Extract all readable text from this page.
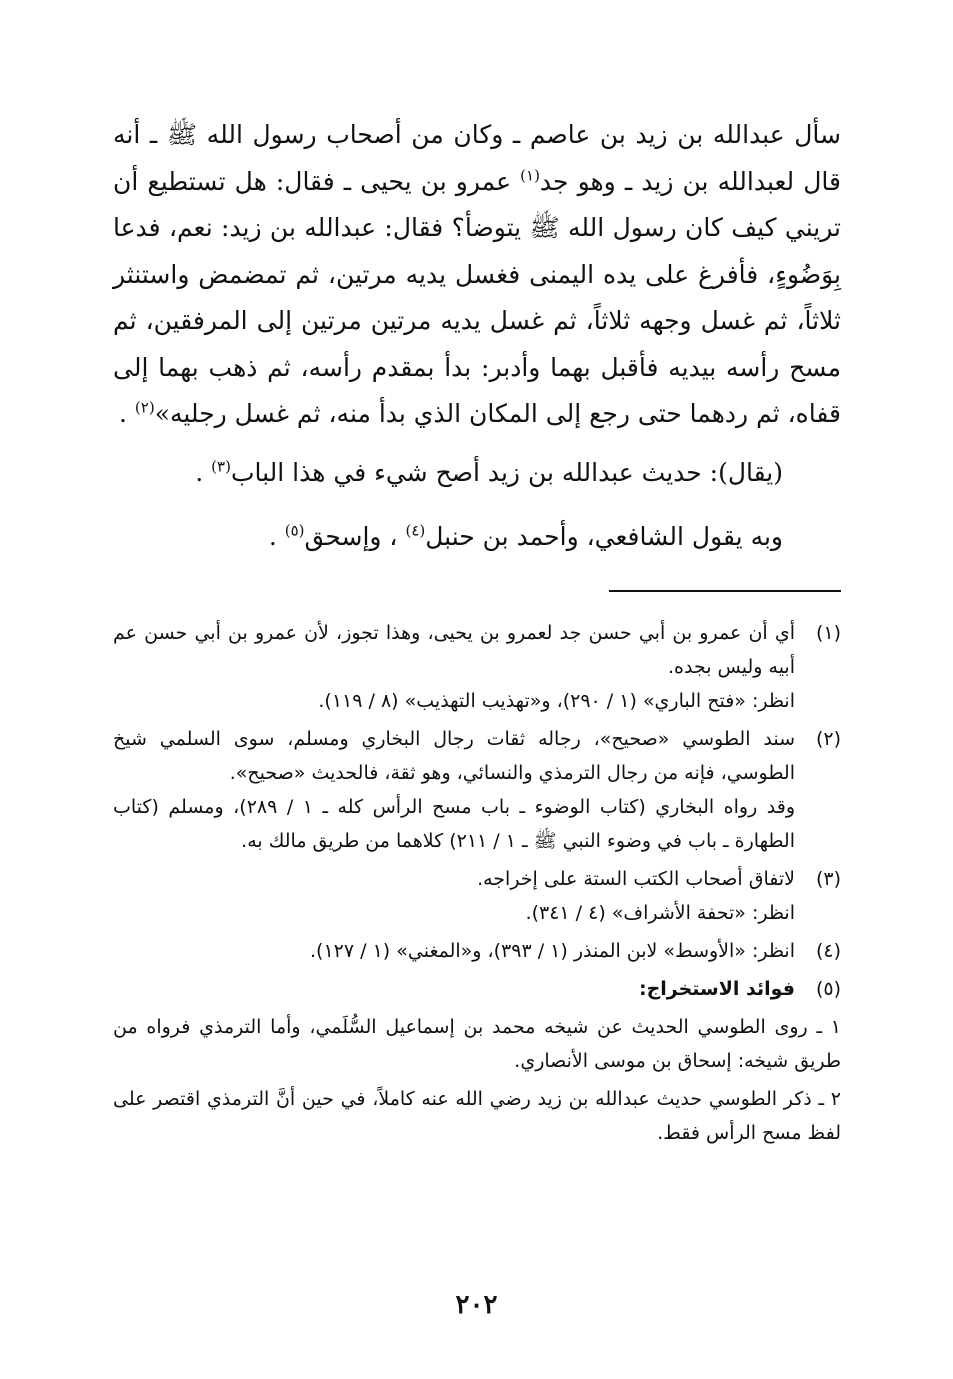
سأل عبدالله بن زيد بن عاصم ـ وكان من أصحاب رسول الله ﷺ ـ أنه قال لعبدالله بن زيد ـ وهو جد$^{(١)}$ عمرو بن يحيى ـ فقال: هل تستطيع أن تريني كيف كان رسول الله ﷺ يتوضأ؟ فقال: عبدالله بن زيد: نعم، فدعا بِوَضُوءٍ، فأفرغ على يده اليمنى فغسل يديه مرتين، ثم تمضمض واستنثر ثلاثاً، ثم غسل وجهه ثلاثاً، ثم غسل يديه مرتين مرتين إلى المرفقين، ثم مسح رأسه بيديه فأقبل بهما وأدبر: بدأ بمقدم رأسه، ثم ذهب بهما إلى قفاه، ثم ردهما حتى رجع إلى المكان الذي بدأ منه، ثم غسل رجليه»$^{(٢)}$ .

(يقال): حديث عبدالله بن زيد أصح شيء في هذا الباب$^{(٣)}$ .

وبه يقول الشافعي، وأحمد بن حنبل$^{(٤)}$ ، وإسحق$^{(٥)}$ .

(١)

أي أن عمرو بن أبي حسن جد لعمرو بن يحيى، وهذا تجوز، لأن عمرو بن أبي حسن عم أبيه وليس بجده.

انظر: «فتح الباري» (١ / ٢٩٠)، و«تهذيب التهذيب» (٨ / ١١٩).

(٢)

سند الطوسي «صحيح»، رجاله ثقات رجال البخاري ومسلم، سوى السلمي شيخ الطوسي، فإنه من رجال الترمذي والنسائي، وهو ثقة، فالحديث «صحيح».

وقد رواه البخاري (كتاب الوضوء ـ باب مسح الرأس كله ـ ١ / ٢٨٩)، ومسلم (كتاب الطهارة ـ باب في وضوء النبي ﷺ ـ ١ / ٢١١) كلاهما من طريق مالك به.

(٣)

لاتفاق أصحاب الكتب الستة على إخراجه.

انظر: «تحفة الأشراف» (٤ / ٣٤١).

(٤)

انظر: «الأوسط» لابن المنذر (١ / ٣٩٣)، و«المغني» (١ / ١٢٧).

(٥)

فوائد الاستخراج:

١ ـ روى الطوسي الحديث عن شيخه محمد بن إسماعيل السُّلَمي، وأما الترمذي فرواه من طريق شيخه: إسحاق بن موسى الأنصاري.

٢ ـ ذكر الطوسي حديث عبدالله بن زيد رضي الله عنه كاملاً، في حين أنَّ الترمذي اقتصر على لفظ مسح الرأس فقط.

٢٠٢
